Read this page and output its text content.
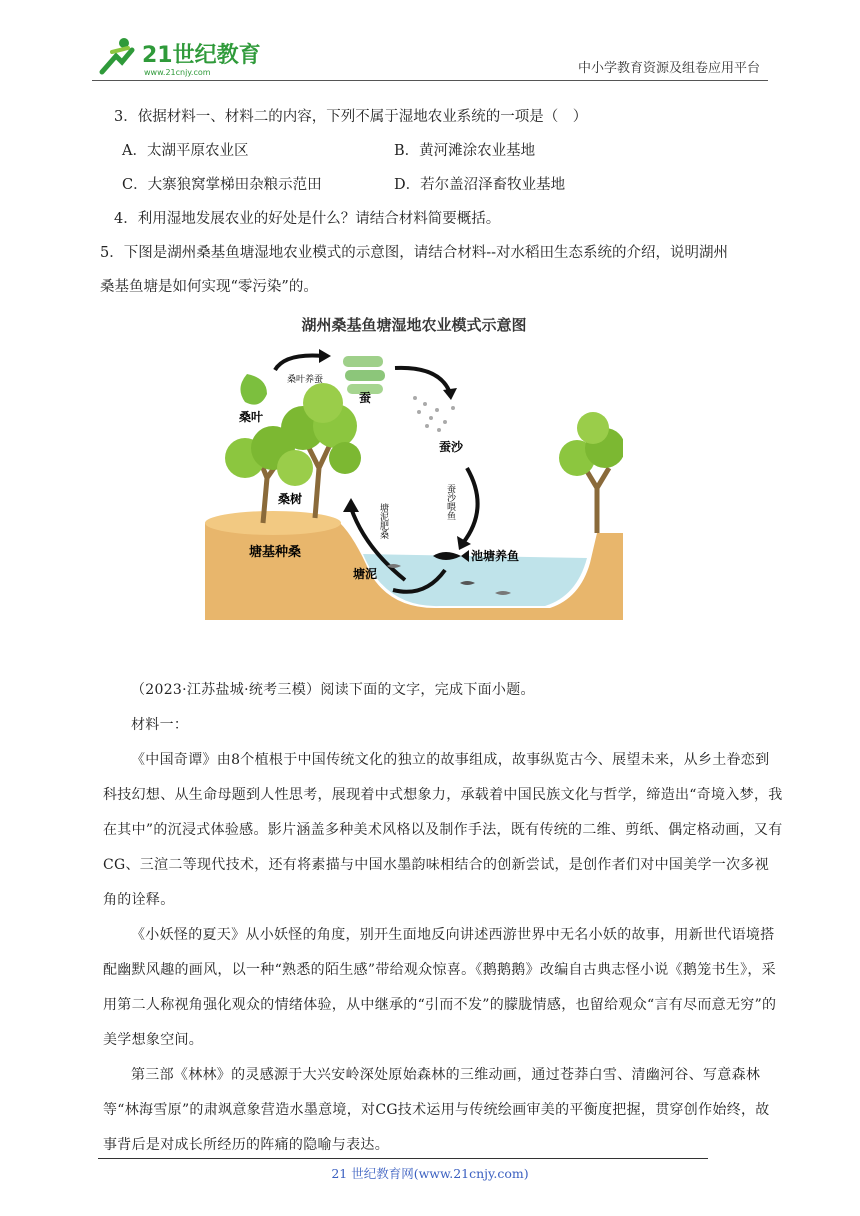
21世纪教育
www.21cnjy.com	中小学教育资源及组卷应用平台

3．依据材料一、材料二的内容，下列不属于湿地农业系统的一项是（　）

A．太湖平原农业区	B．黄河滩涂农业基地
C．大寨狼窝掌梯田杂粮示范田	D．若尔盖沼泽畜牧业基地

4．利用湿地发展农业的好处是什么？请结合材料简要概括。

5．下图是湖州桑基鱼塘湿地农业模式的示意图，请结合材料--对水稻田生态系统的介绍，说明湖州

桑基鱼塘是如何实现“零污染”的。

湖州桑基鱼塘湿地农业模式示意图
桑叶
蚕
桑叶养蚕
蚕沙
蚕沙喂鱼
塘泥肥桑
桑树
塘基种桑	池塘养鱼
塘泥

（2023·江苏盐城·统考三模）阅读下面的文字，完成下面小题。

材料一：

《中国奇谭》由8个植根于中国传统文化的独立的故事组成，故事纵览古今、展望未来，从乡土眷恋到科技幻想、从生命母题到人性思考，展现着中式想象力，承载着中国民族文化与哲学，缔造出“奇境入梦，我在其中”的沉浸式体验感。影片涵盖多种美术风格以及制作手法，既有传统的二维、剪纸、偶定格动画，又有CG、三渲二等现代技术，还有将素描与中国水墨韵味相结合的创新尝试，是创作者们对中国美学一次多视角的诠释。

《小妖怪的夏天》从小妖怪的角度，别开生面地反向讲述西游世界中无名小妖的故事，用新世代语境搭配幽默风趣的画风，以一种“熟悉的陌生感”带给观众惊喜。《鹅鹅鹅》改编自古典志怪小说《鹅笼书生》，采用第二人称视角强化观众的情绪体验，从中继承的“引而不发”的朦胧情感，也留给观众“言有尽而意无穷”的美学想象空间。

第三部《林林》的灵感源于大兴安岭深处原始森林的三维动画，通过苍莽白雪、清幽河谷、写意森林等“林海雪原”的肃飒意象营造水墨意境，对CG技术运用与传统绘画审美的平衡度把握，贯穿创作始终，故事背后是对成长所经历的阵痛的隐喻与表达。

21 世纪教育网(www.21cnjy.com)
